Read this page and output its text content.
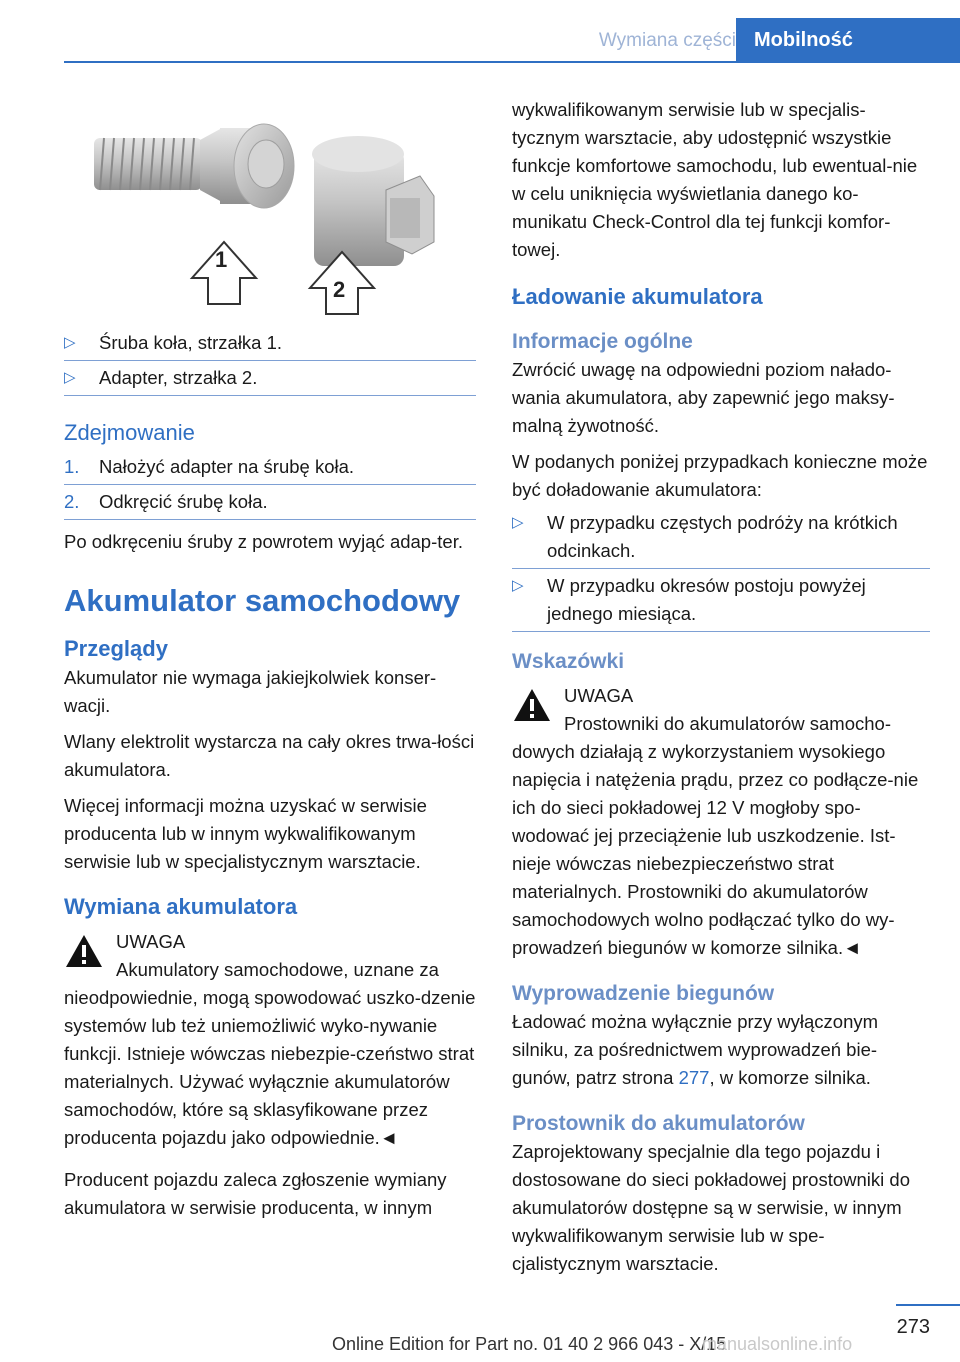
Wymiana części Mobilność
1
2
▷ Śruba koła, strzałka 1.
▷ Adapter, strzałka 2.
Zdejmowanie
1. Nałożyć adapter na śrubę koła.
2. Odkręcić śrubę koła.
Po odkręceniu śruby z powrotem wyjąć adap-ter.
Akumulator samochodowy
Przeglądy
Akumulator nie wymaga jakiejkolwiek konser-wacji.
Wlany elektrolit wystarcza na cały okres trwa-łości akumulatora.
Więcej informacji można uzyskać w serwisie producenta lub w innym wykwalifikowanym serwisie lub w specjalistycznym warsztacie.
Wymiana akumulatora
UWAGA
Akumulatory samochodowe, uznane za nieodpowiednie, mogą spowodować uszko-dzenie systemów lub też uniemożliwić wyko-nywanie funkcji. Istnieje wówczas niebezpie-czeństwo strat materialnych. Używać wyłącznie akumulatorów samochodów, które są sklasyfikowane przez producenta pojazdu jako odpowiednie.◄
Producent pojazdu zaleca zgłoszenie wymiany akumulatora w serwisie producenta, w innym
wykwalifikowanym serwisie lub w specjalis-tycznym warsztacie, aby udostępnić wszystkie funkcje komfortowe samochodu, lub ewentual-nie w celu uniknięcia wyświetlania danego ko-munikatu Check-Control dla tej funkcji komfor-towej.
Ładowanie akumulatora
Informacje ogólne
Zwrócić uwagę na odpowiedni poziom nałado-wania akumulatora, aby zapewnić jego maksy-malną żywotność.
W podanych poniżej przypadkach konieczne może być doładowanie akumulatora:
▷ W przypadku częstych podróży na krótkich odcinkach.
▷ W przypadku okresów postoju powyżej jednego miesiąca.
Wskazówki
UWAGA
Prostowniki do akumulatorów samocho-dowych działają z wykorzystaniem wysokiego napięcia i natężenia prądu, przez co podłącze-nie ich do sieci pokładowej 12 V mogłoby spo-wodować jej przeciążenie lub uszkodzenie. Ist-nieje wówczas niebezpieczeństwo strat materialnych. Prostowniki do akumulatorów samochodowych wolno podłączać tylko do wy-prowadzeń biegunów w komorze silnika.◄
Wyprowadzenie biegunów
Ładować można wyłącznie przy wyłączonym silniku, za pośrednictwem wyprowadzeń bie-gunów, patrz strona 277, w komorze silnika.
Prostownik do akumulatorów
Zaprojektowany specjalnie dla tego pojazdu i dostosowane do sieci pokładowej prostowniki do akumulatorów dostępne są w serwisie, w innym wykwalifikowanym serwisie lub w spe-cjalistycznym warsztacie.
273
Online Edition for Part no. 01 40 2 966 043 - X/15
manualsonline.info
